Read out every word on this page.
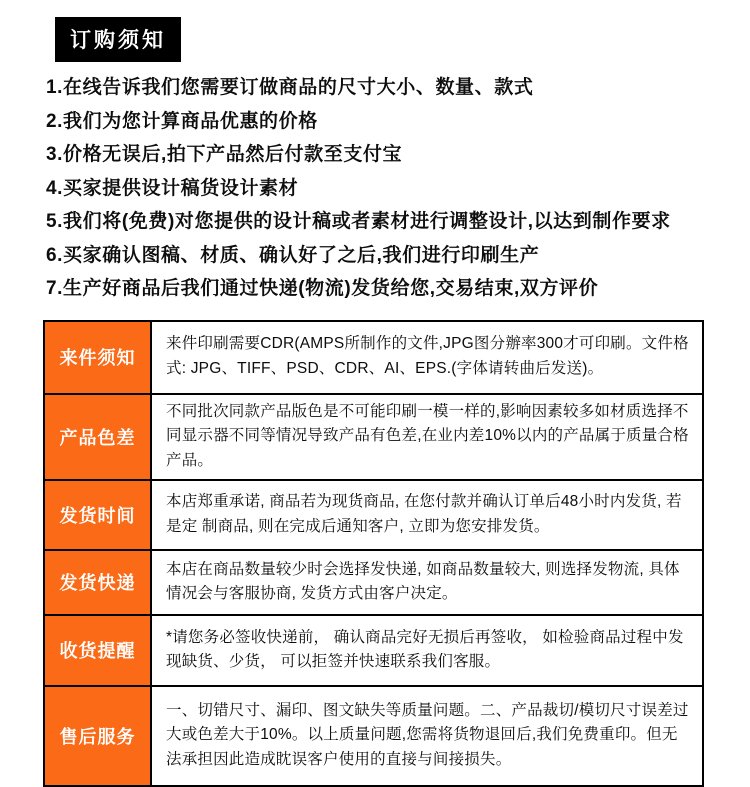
订购须知
1.在线告诉我们您需要订做商品的尺寸大小、数量、款式
2.我们为您计算商品优惠的价格
3.价格无误后,拍下产品然后付款至支付宝
4.买家提供设计稿货设计素材
5.我们将(免费)对您提供的设计稿或者素材进行调整设计,以达到制作要求
6.买家确认图稿、材质、确认好了之后,我们进行印刷生产
7.生产好商品后我们通过快递(物流)发货给您,交易结束,双方评价
来件须知	来件印刷需要CDR(AMPS所制作的文件,JPG图分辦率300才可印刷。文件格式: JPG、TIFF、PSD、CDR、AI、EPS.(字体请转曲后发送)。
产品色差	不同批次同款产品版色是不可能印刷一模一样的,影响因素较多如材质选择不同显示器不同等情况导致产品有色差,在业内差10%以内的产品属于质量合格产品。
发货时间	本店郑重承诺, 商品若为现货商品, 在您付款并确认订单后48小时内发货, 若 是定 制商品, 则在完成后通知客户, 立即为您安排发货。
发货快递	本店在商品数量较少时会选择发快递, 如商品数量较大, 则选择发物流, 具体情况会与客服协商, 发货方式由客户决定。
收货提醒	*请您务必签收快递前， 确认商品完好无损后再签收， 如检验商品过程中发现缺货、少货， 可以拒签并快速联系我们客服。
售后服务	一、切错尺寸、漏印、图文缺失等质量问题。二、产品裁切/模切尺寸误差过大或色差大于10%。以上质量问题,您需将货物退回后,我们免费重印。但无法承担因此造成眈误客户使用的直接与间接损失。
